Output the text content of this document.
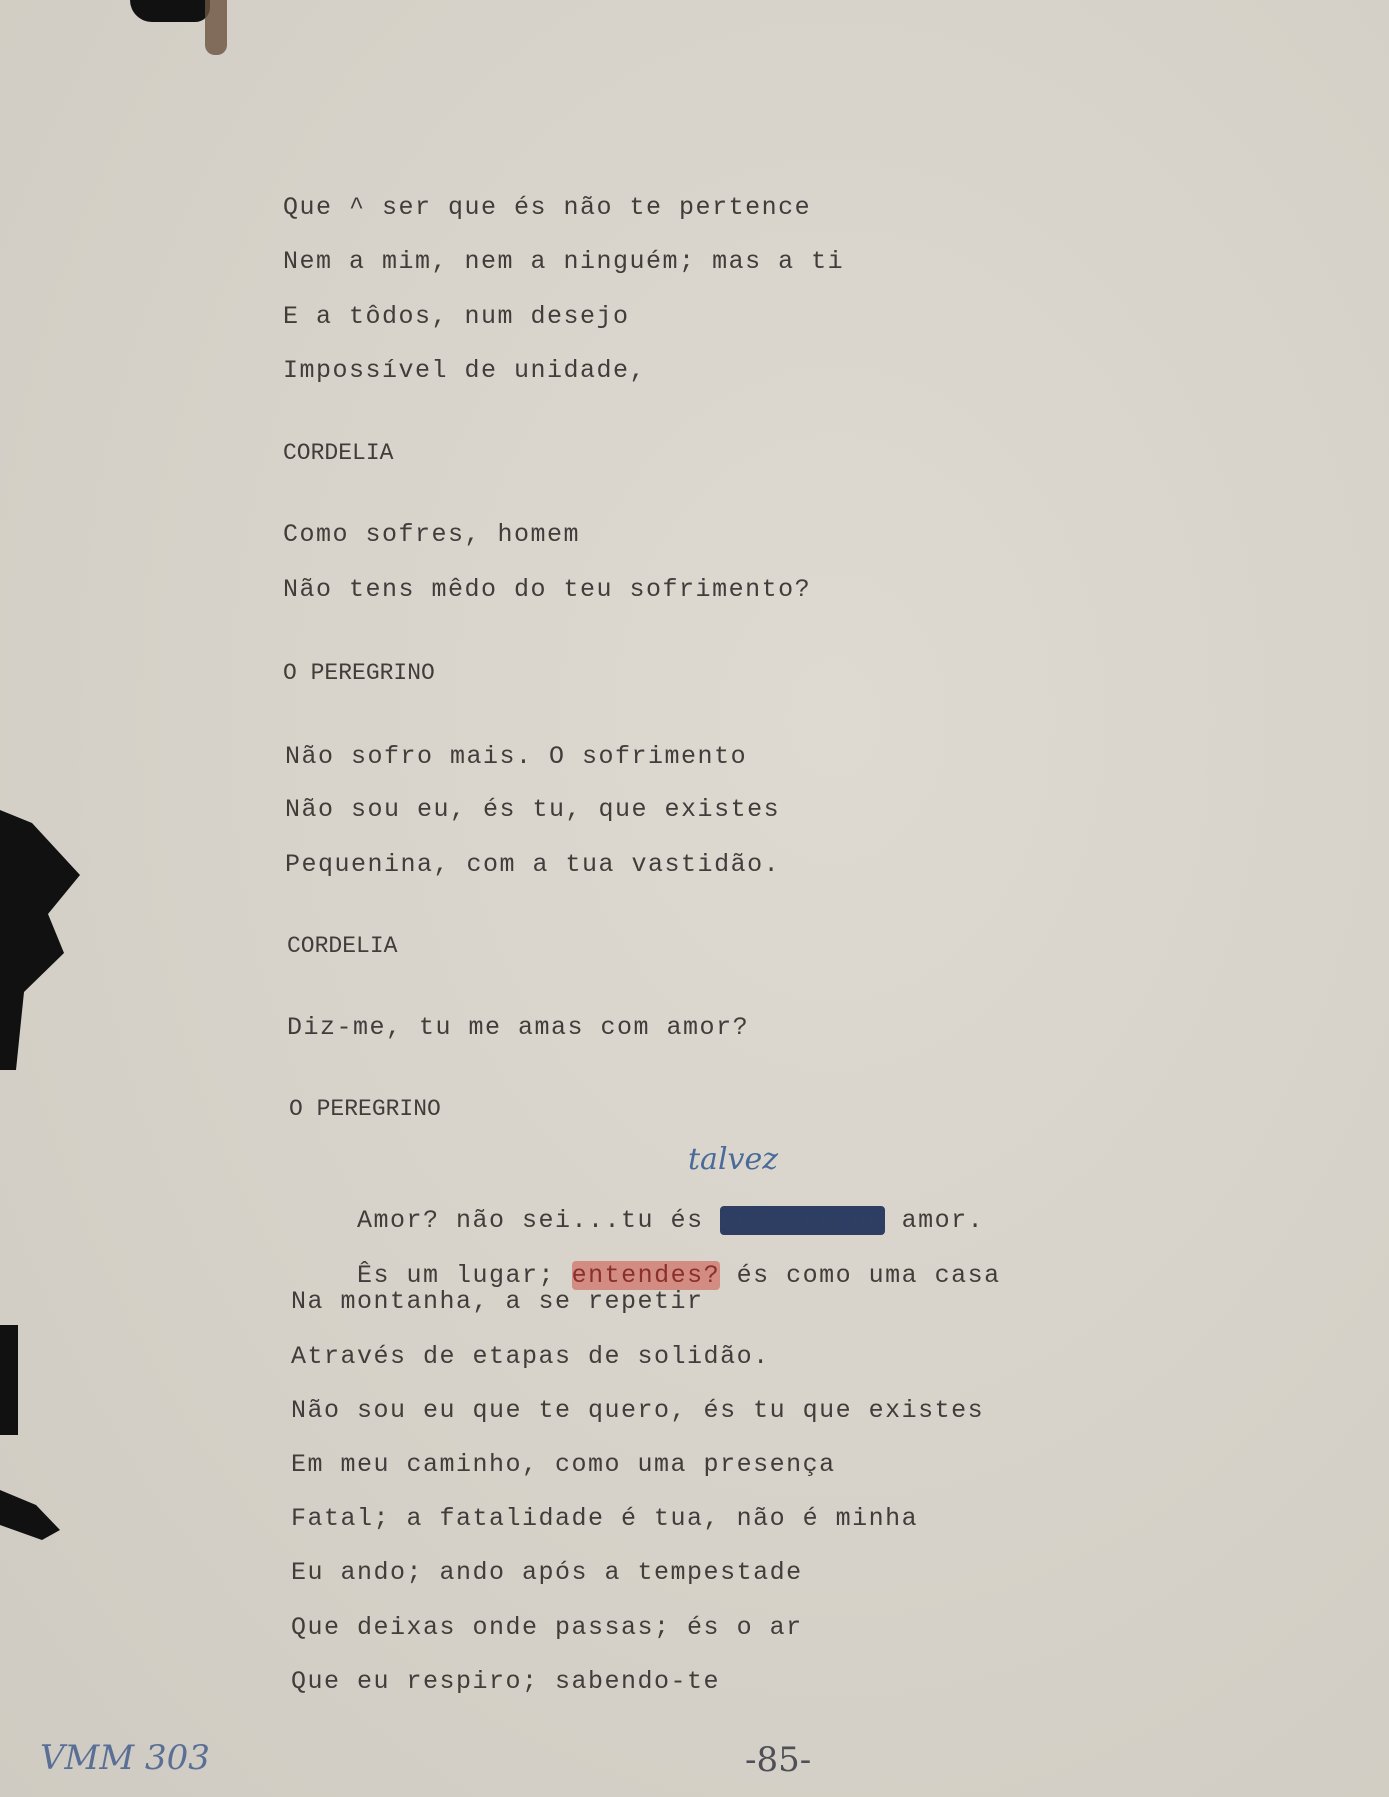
Que ^ ser que és não te pertence
Nem a mim, nem a ninguém; mas a ti
E a tôdos, num desejo
Impossível de unidade,
CORDELIA
Como sofres, homem
Não tens mêdo do teu sofrimento?
O PEREGRINO
Não sofro mais. O sofrimento
Não sou eu, és tu, que existes
Pequenina, com a tua vastidão.
CORDELIA
Diz-me, tu me amas com amor?
O PEREGRINO

Amor? não sei...tu és de verdade amor.

talvez

Ês um lugar; entendes? és como uma casa

Na montanha, a se repetir
Através de etapas de solidão.
Não sou eu que te quero, és tu que existes
Em meu caminho, como uma presença
Fatal; a fatalidade é tua, não é minha
Eu ando; ando após a tempestade
Que deixas onde passas; és o ar
Que eu respiro; sabendo-te
VMM 303	-85-
